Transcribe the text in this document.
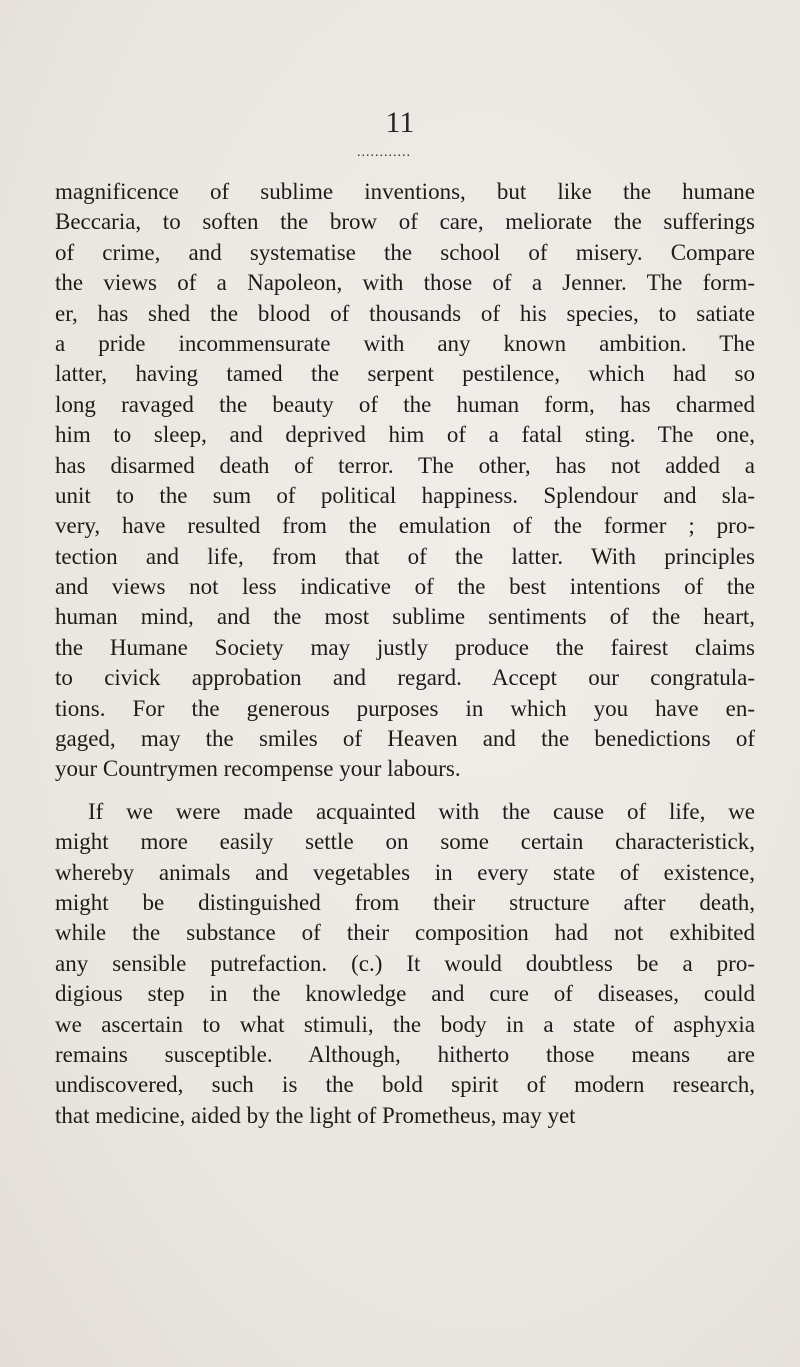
11
............
magnificence of sublime inventions, but like the humane
Beccaria, to soften the brow of care, meliorate the sufferings
of crime, and systematise the school of misery. Compare
the views of a Napoleon, with those of a Jenner. The form-
er, has shed the blood of thousands of his species, to satiate
a pride incommensurate with any known ambition. The
latter, having tamed the serpent pestilence, which had so
long ravaged the beauty of the human form, has charmed
him to sleep, and deprived him of a fatal sting. The one,
has disarmed death of terror. The other, has not added a
unit to the sum of political happiness. Splendour and sla-
very, have resulted from the emulation of the former ; pro-
tection and life, from that of the latter. With principles
and views not less indicative of the best intentions of the
human mind, and the most sublime sentiments of the heart,
the Humane Society may justly produce the fairest claims
to civick approbation and regard. Accept our congratula-
tions. For the generous purposes in which you have en-
gaged, may the smiles of Heaven and the benedictions of
your Countrymen recompense your labours.
If we were made acquainted with the cause of life, we
might more easily settle on some certain characteristick,
whereby animals and vegetables in every state of existence,
might be distinguished from their structure after death,
while the substance of their composition had not exhibited
any sensible putrefaction. (c.) It would doubtless be a pro-
digious step in the knowledge and cure of diseases, could
we ascertain to what stimuli, the body in a state of asphyxia
remains susceptible. Although, hitherto those means are
undiscovered, such is the bold spirit of modern research,
that medicine, aided by the light of Prometheus, may yet
